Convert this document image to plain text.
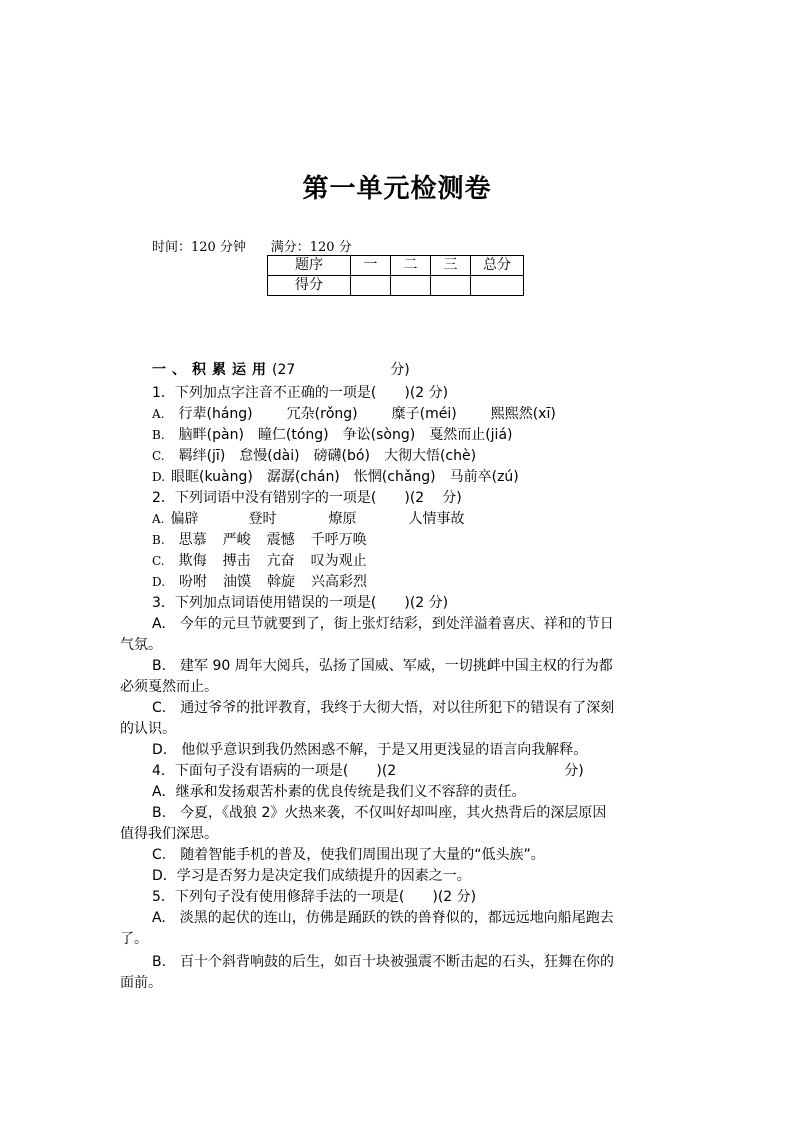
第一单元检测卷
时间：120 分钟 满分：120 分
题序	一	二	三	总分
得分				
一、积累运用(27	分)
1．下列加点字注音不正确的一项是(　　)(2 分)
A. 行辈(háng) 冗杂(rǒng) 糜子(méi) 熙熙然(xī)
B. 脑畔(pàn) 瞳仁(tóng) 争讼(sòng) 戛然而止(jiá)
C. 羁绊(jī) 怠慢(dài) 磅礴(bó) 大彻大悟(chè)
D. 眼眶(kuàng) 潺潺(chán) 怅惘(chǎng) 马前卒(zú)
2．下列词语中没有错别字的一项是(　　)(2 分)
A. 偏辟	登时	燎原	人情事故
B. 思慕 严峻 震憾 千呼万唤
C. 欺侮 搏击 亢奋 叹为观止
D. 吩咐 油馍 斡旋 兴高彩烈
3．下列加点词语使用错误的一项是(　　)(2 分)
A.　今年的元旦节就要到了，街上张灯结彩，到处洋溢着喜庆、祥和的节日
气氛。
B.　建军 90 周年大阅兵，弘扬了国威、军威，一切挑衅中国主权的行为都
必须戛然而止。
C.　通过爷爷的批评教育，我终于大彻大悟，对以往所犯下的错误有了深刻
的认识。
D.　他似乎意识到我仍然困惑不解，于是又用更浅显的语言向我解释。
4．下面句子没有语病的一项是(　　)(2	分)
A．继承和发扬艰苦朴素的优良传统是我们义不容辞的责任。
B.　今夏，《战狼 2》火热来袭，不仅叫好却叫座，其火热背后的深层原因
值得我们深思。
C.　随着智能手机的普及，使我们周围出现了大量的“低头族”。
D．学习是否努力是决定我们成绩提升的因素之一。
5．下列句子没有使用修辞手法的一项是(　　)(2 分)
A.　淡黑的起伏的连山，仿佛是踊跃的铁的兽脊似的，都远远地向船尾跑去
了。
B.　百十个斜背响鼓的后生，如百十块被强震不断击起的石头，狂舞在你的
面前。
